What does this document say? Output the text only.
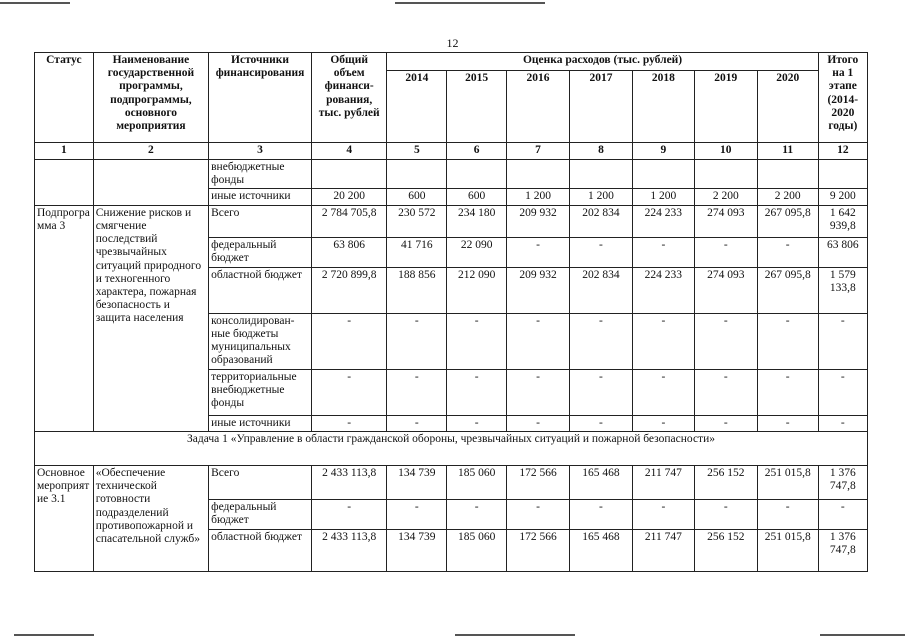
12
Статус	Наименование государственной программы, подпрограммы, основного мероприятия	Источники финансирования	Общий объем финанси-рования, тыс. рублей	Оценка расходов (тыс. рублей)							Итого на 1 этапе (2014-2020 годы)
				2014	2015	2016	2017	2018	2019	2020	
1	2	3	4	5	6	7	8	9	10	11	12
		внебюджетные фонды									
		иные источники	20 200	600	600	1 200	1 200	1 200	2 200	2 200	9 200
Подпрограмма 3	Снижение рисков и смягчение последствий чрезвычайных ситуаций природного и техногенного характера, пожарная безопасность и защита населения	Всего	2 784 705,8	230 572	234 180	209 932	202 834	224 233	274 093	267 095,8	1 642 939,8
		федеральный бюджет	63 806	41 716	22 090	-	-	-	-	-	63 806
		областной бюджет	2 720 899,8	188 856	212 090	209 932	202 834	224 233	274 093	267 095,8	1 579 133,8
		консолидирован-ные бюджеты муниципальных образований	-	-	-	-	-	-	-	-	-
		территориальные внебюджетные фонды	-	-	-	-	-	-	-	-	-
		иные источники	-	-	-	-	-	-	-	-	-
Задача 1 «Управление в области гражданской обороны, чрезвычайных ситуаций и пожарной безопасности»											
Основное мероприятие 3.1	«Обеспечение технической готовности подразделений противопожарной и спасательной служб»	Всего	2 433 113,8	134 739	185 060	172 566	165 468	211 747	256 152	251 015,8	1 376 747,8
		федеральный бюджет	-	-	-	-	-	-	-	-	-
		областной бюджет	2 433 113,8	134 739	185 060	172 566	165 468	211 747	256 152	251 015,8	1 376 747,8
